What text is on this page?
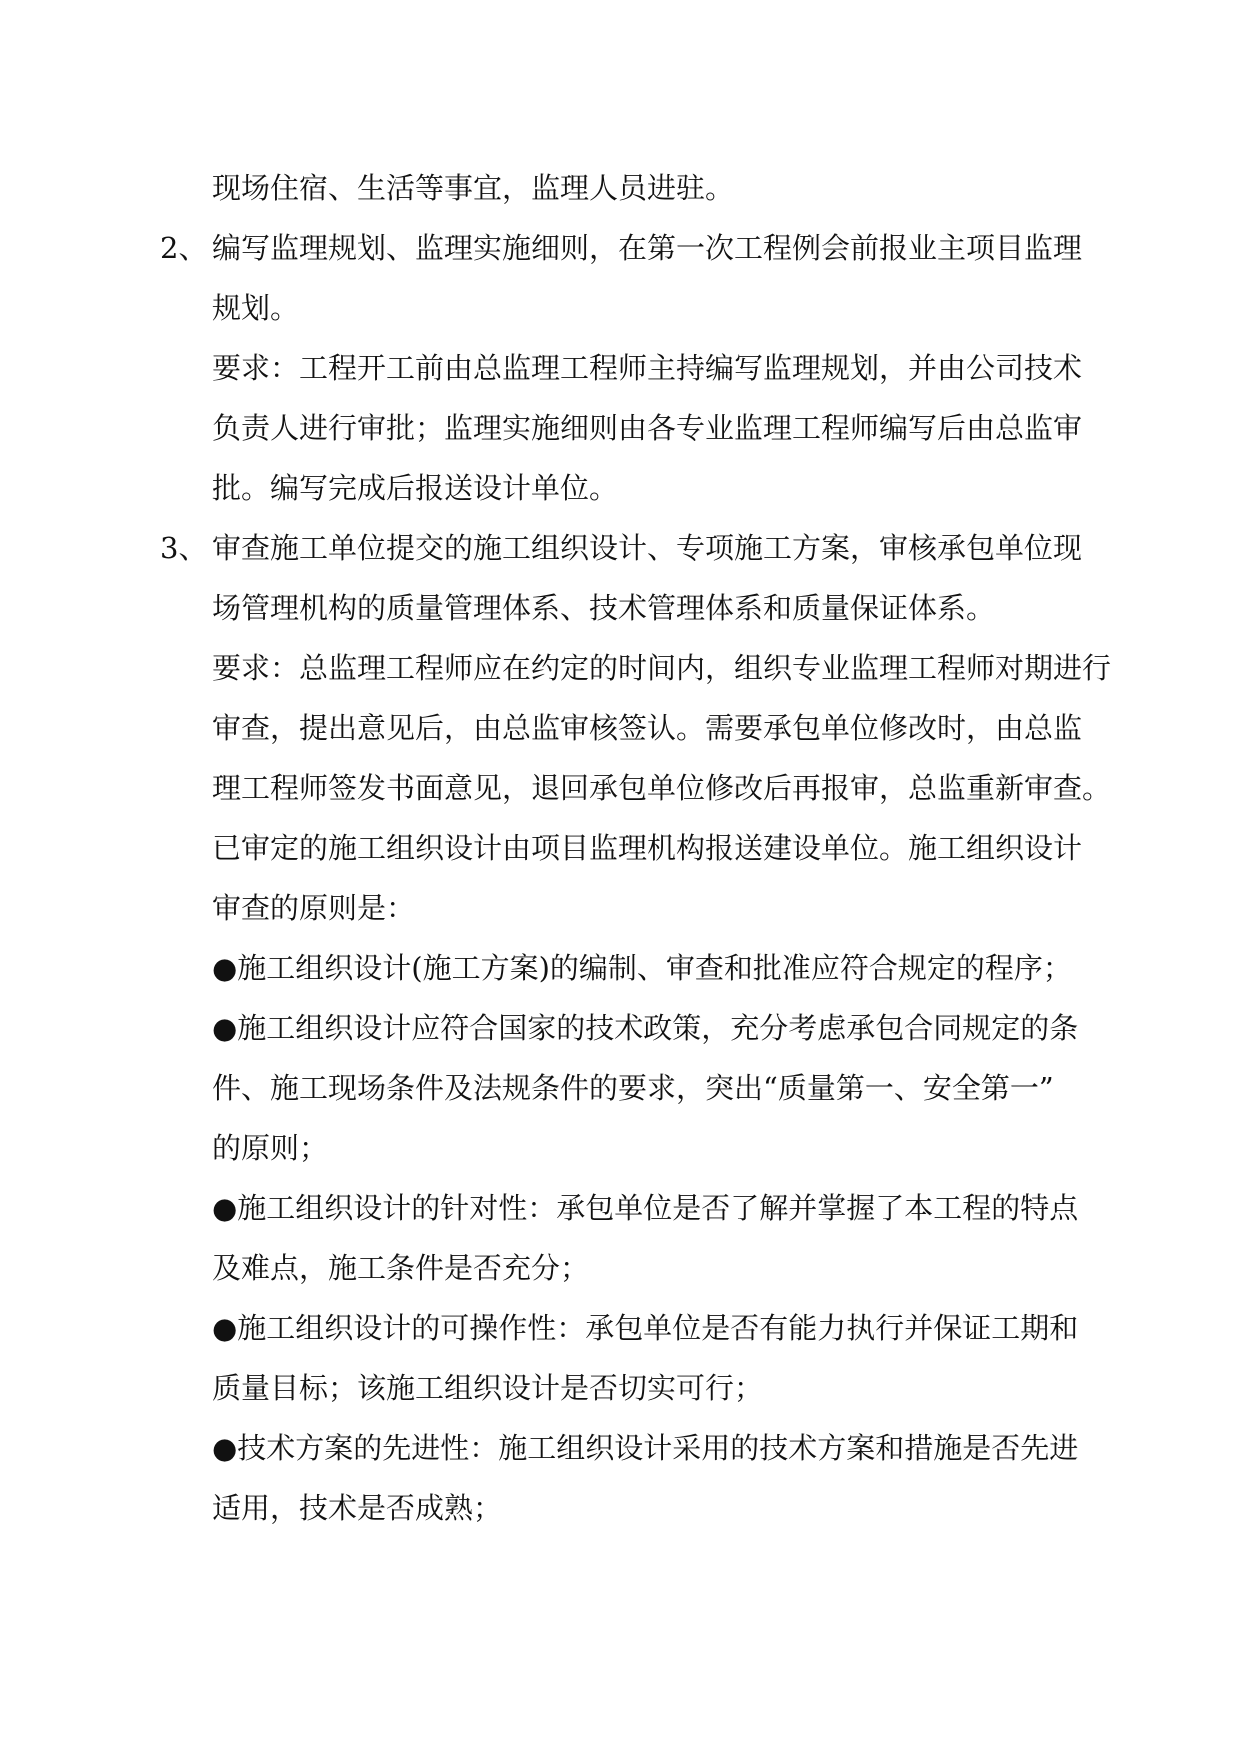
现场住宿、生活等事宜，监理人员进驻。
2、 编写监理规划、监理实施细则，在第一次工程例会前报业主项目监理
规划。
要求：工程开工前由总监理工程师主持编写监理规划，并由公司技术
负责人进行审批；监理实施细则由各专业监理工程师编写后由总监审
批。编写完成后报送设计单位。
3、 审查施工单位提交的施工组织设计、专项施工方案，审核承包单位现
场管理机构的质量管理体系、技术管理体系和质量保证体系。
要求：总监理工程师应在约定的时间内，组织专业监理工程师对期进行
审查，提出意见后，由总监审核签认。需要承包单位修改时，由总监
理工程师签发书面意见，退回承包单位修改后再报审，总监重新审查。
已审定的施工组织设计由项目监理机构报送建设单位。施工组织设计
审查的原则是：
●施工组织设计(施工方案)的编制、审查和批准应符合规定的程序；
●施工组织设计应符合国家的技术政策，充分考虑承包合同规定的条
件、施工现场条件及法规条件的要求，突出“质量第一、安全第一”
的原则；
●施工组织设计的针对性：承包单位是否了解并掌握了本工程的特点
及难点，施工条件是否充分；
●施工组织设计的可操作性：承包单位是否有能力执行并保证工期和
质量目标；该施工组织设计是否切实可行；
●技术方案的先进性：施工组织设计采用的技术方案和措施是否先进
适用，技术是否成熟；
